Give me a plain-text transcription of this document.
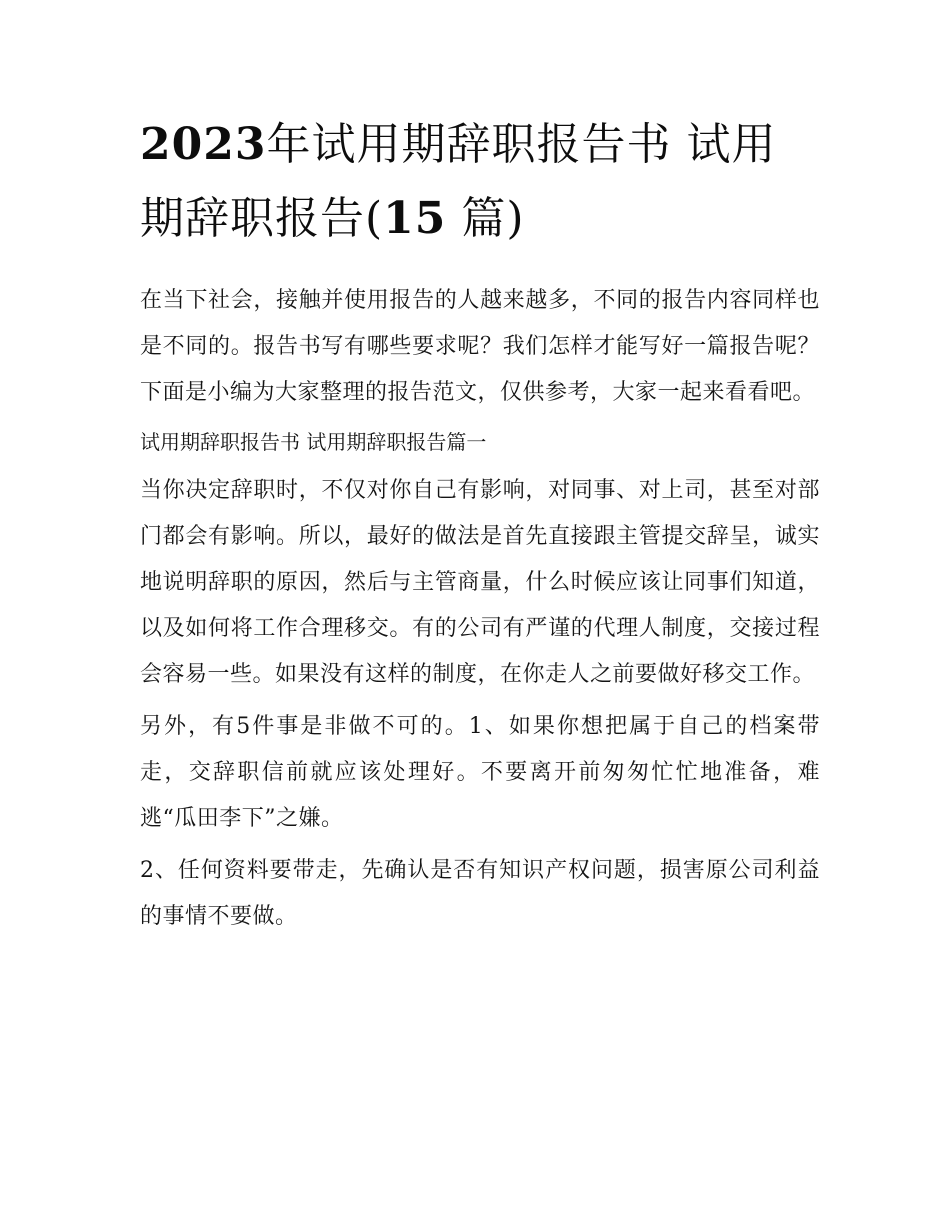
2023年试用期辞职报告书 试用期辞职报告(15 篇)

在当下社会，接触并使用报告的人越来越多，不同的报告内容同样也是不同的。报告书写有哪些要求呢？我们怎样才能写好一篇报告呢？下面是小编为大家整理的报告范文，仅供参考，大家一起来看看吧。

试用期辞职报告书 试用期辞职报告篇一

当你决定辞职时，不仅对你自己有影响，对同事、对上司，甚至对部门都会有影响。所以，最好的做法是首先直接跟主管提交辞呈，诚实地说明辞职的原因，然后与主管商量，什么时候应该让同事们知道，以及如何将工作合理移交。有的公司有严谨的代理人制度，交接过程会容易一些。如果没有这样的制度，在你走人之前要做好移交工作。

另外，有5件事是非做不可的。1、如果你想把属于自己的档案带走，交辞职信前就应该处理好。不要离开前匆匆忙忙地准备，难逃“瓜田李下”之嫌。

2、任何资料要带走，先确认是否有知识产权问题，损害原公司利益的事情不要做。
